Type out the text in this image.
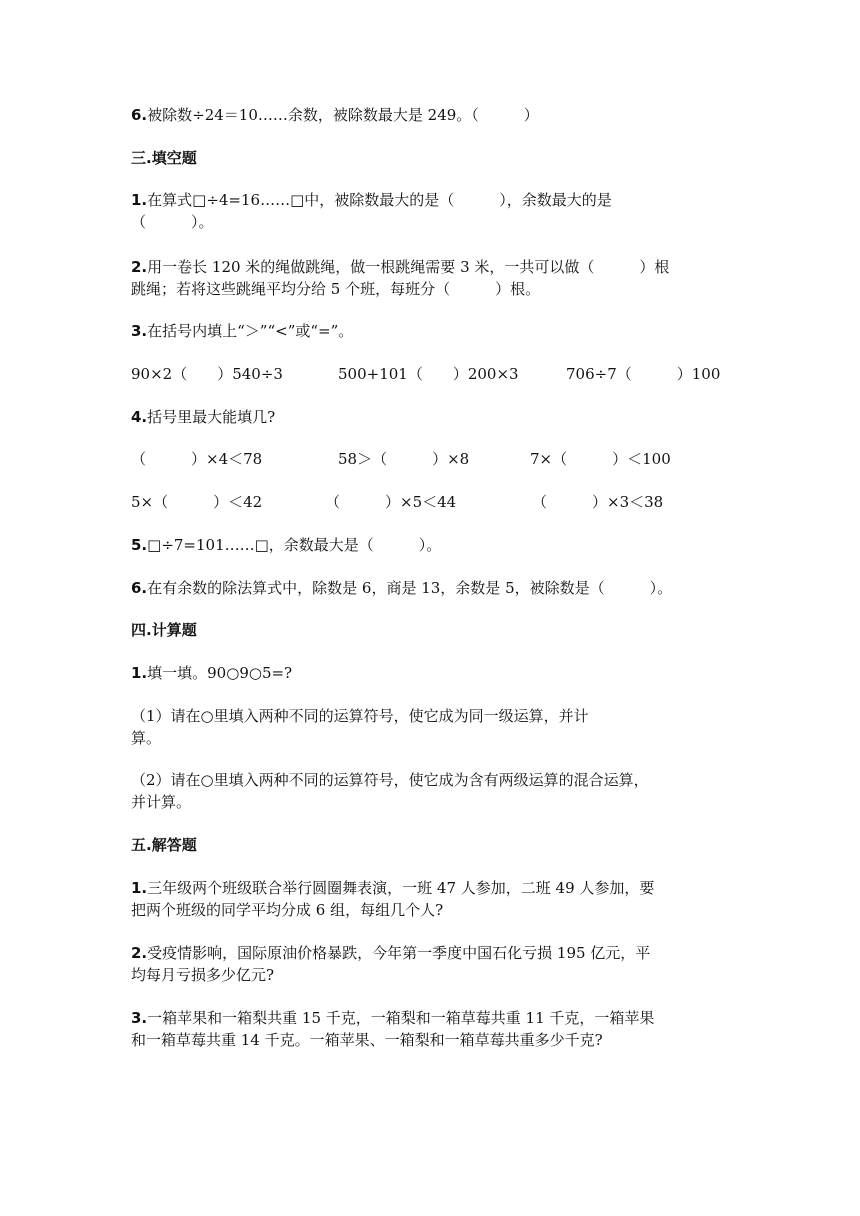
6.被除数÷24＝10……余数，被除数最大是 249。（　　　）
三.填空题
1.在算式□÷4=16……□中，被除数最大的是（　　　），余数最大的是
（　　　）。
2.用一卷长 120 米的绳做跳绳，做一根跳绳需要 3 米，一共可以做（　　　）根
跳绳；若将这些跳绳平均分给 5 个班，每班分（　　　）根。
3.在括号内填上“＞”“<”或“=”。
90×2（　　）540÷3	500+101（　　）200×3	706÷7（　　　）100
4.括号里最大能填几?
（　　　）×4＜78	58＞（　　　）×8	7×（　　　）＜100
5×（　　　）＜42	（　　　）×5＜44	（　　　）×3＜38
5.□÷7=101……□，余数最大是（　　　）。
6.在有余数的除法算式中，除数是 6，商是 13，余数是 5，被除数是（　　　）。
四.计算题
1.填一填。90○9○5=?
（1）请在○里填入两种不同的运算符号，使它成为同一级运算，并计
算。
（2）请在○里填入两种不同的运算符号，使它成为含有两级运算的混合运算，
并计算。
五.解答题
1.三年级两个班级联合举行圆圈舞表演，一班 47 人参加，二班 49 人参加，要
把两个班级的同学平均分成 6 组，每组几个人?
2.受疫情影响，国际原油价格暴跌，今年第一季度中国石化亏损 195 亿元，平
均每月亏损多少亿元?
3.一箱苹果和一箱梨共重 15 千克，一箱梨和一箱草莓共重 11 千克，一箱苹果
和一箱草莓共重 14 千克。一箱苹果、一箱梨和一箱草莓共重多少千克?
